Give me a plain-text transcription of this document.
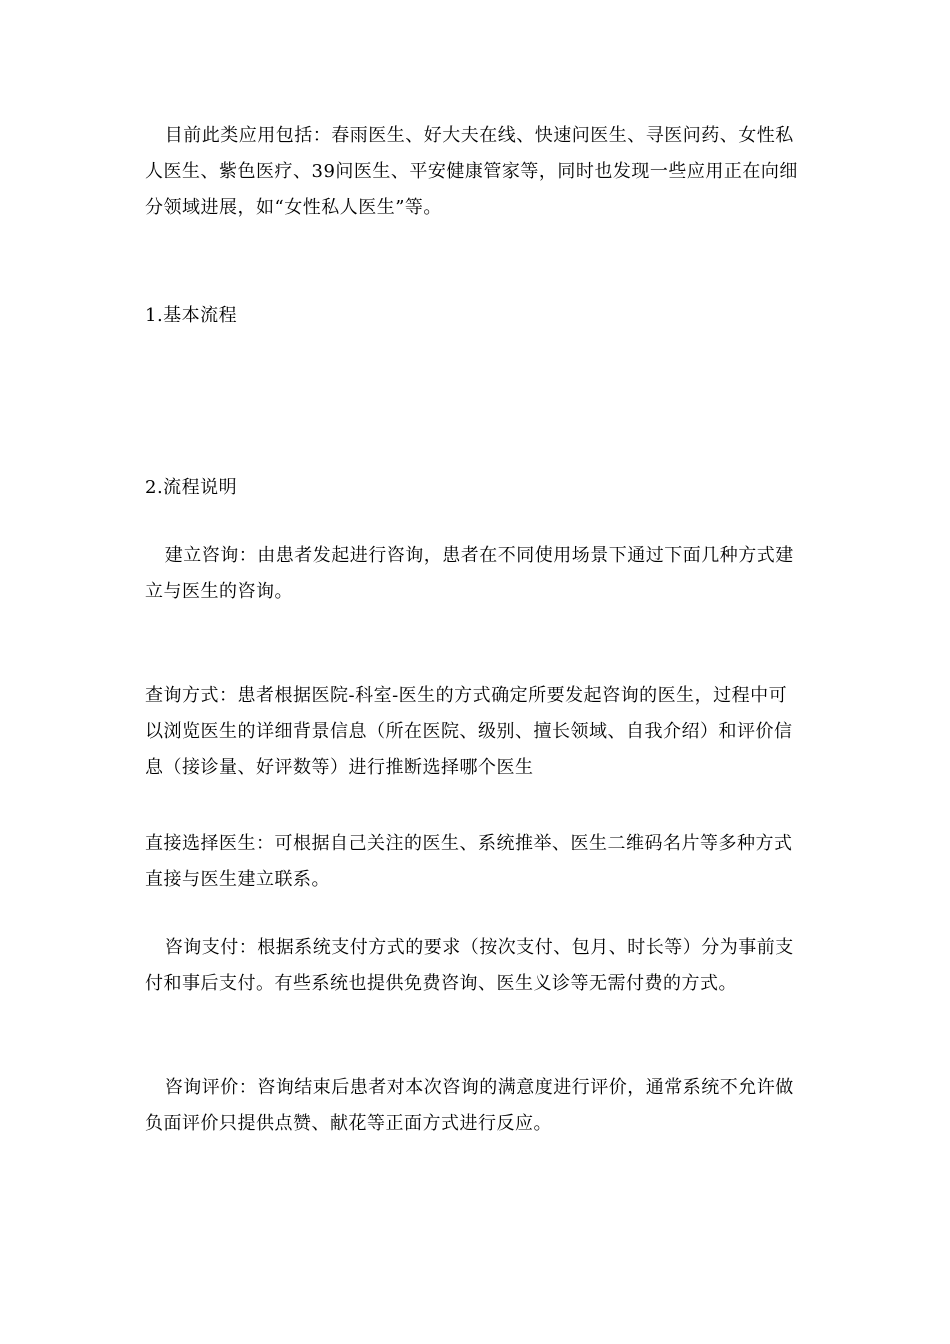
目前此类应用包括：春雨医生、好大夫在线、快速问医生、寻医问药、女性私人医生、紫色医疗、39问医生、平安健康管家等，同时也发现一些应用正在向细分领域进展，如“女性私人医生”等。

1.基本流程

2.流程说明

建立咨询：由患者发起进行咨询，患者在不同使用场景下通过下面几种方式建立与医生的咨询。

查询方式：患者根据医院-科室-医生的方式确定所要发起咨询的医生，过程中可以浏览医生的详细背景信息（所在医院、级别、擅长领域、自我介绍）和评价信息（接诊量、好评数等）进行推断选择哪个医生

直接选择医生：可根据自己关注的医生、系统推举、医生二维码名片等多种方式直接与医生建立联系。

咨询支付：根据系统支付方式的要求（按次支付、包月、时长等）分为事前支付和事后支付。有些系统也提供免费咨询、医生义诊等无需付费的方式。

咨询评价：咨询结束后患者对本次咨询的满意度进行评价，通常系统不允许做负面评价只提供点赞、献花等正面方式进行反应。
